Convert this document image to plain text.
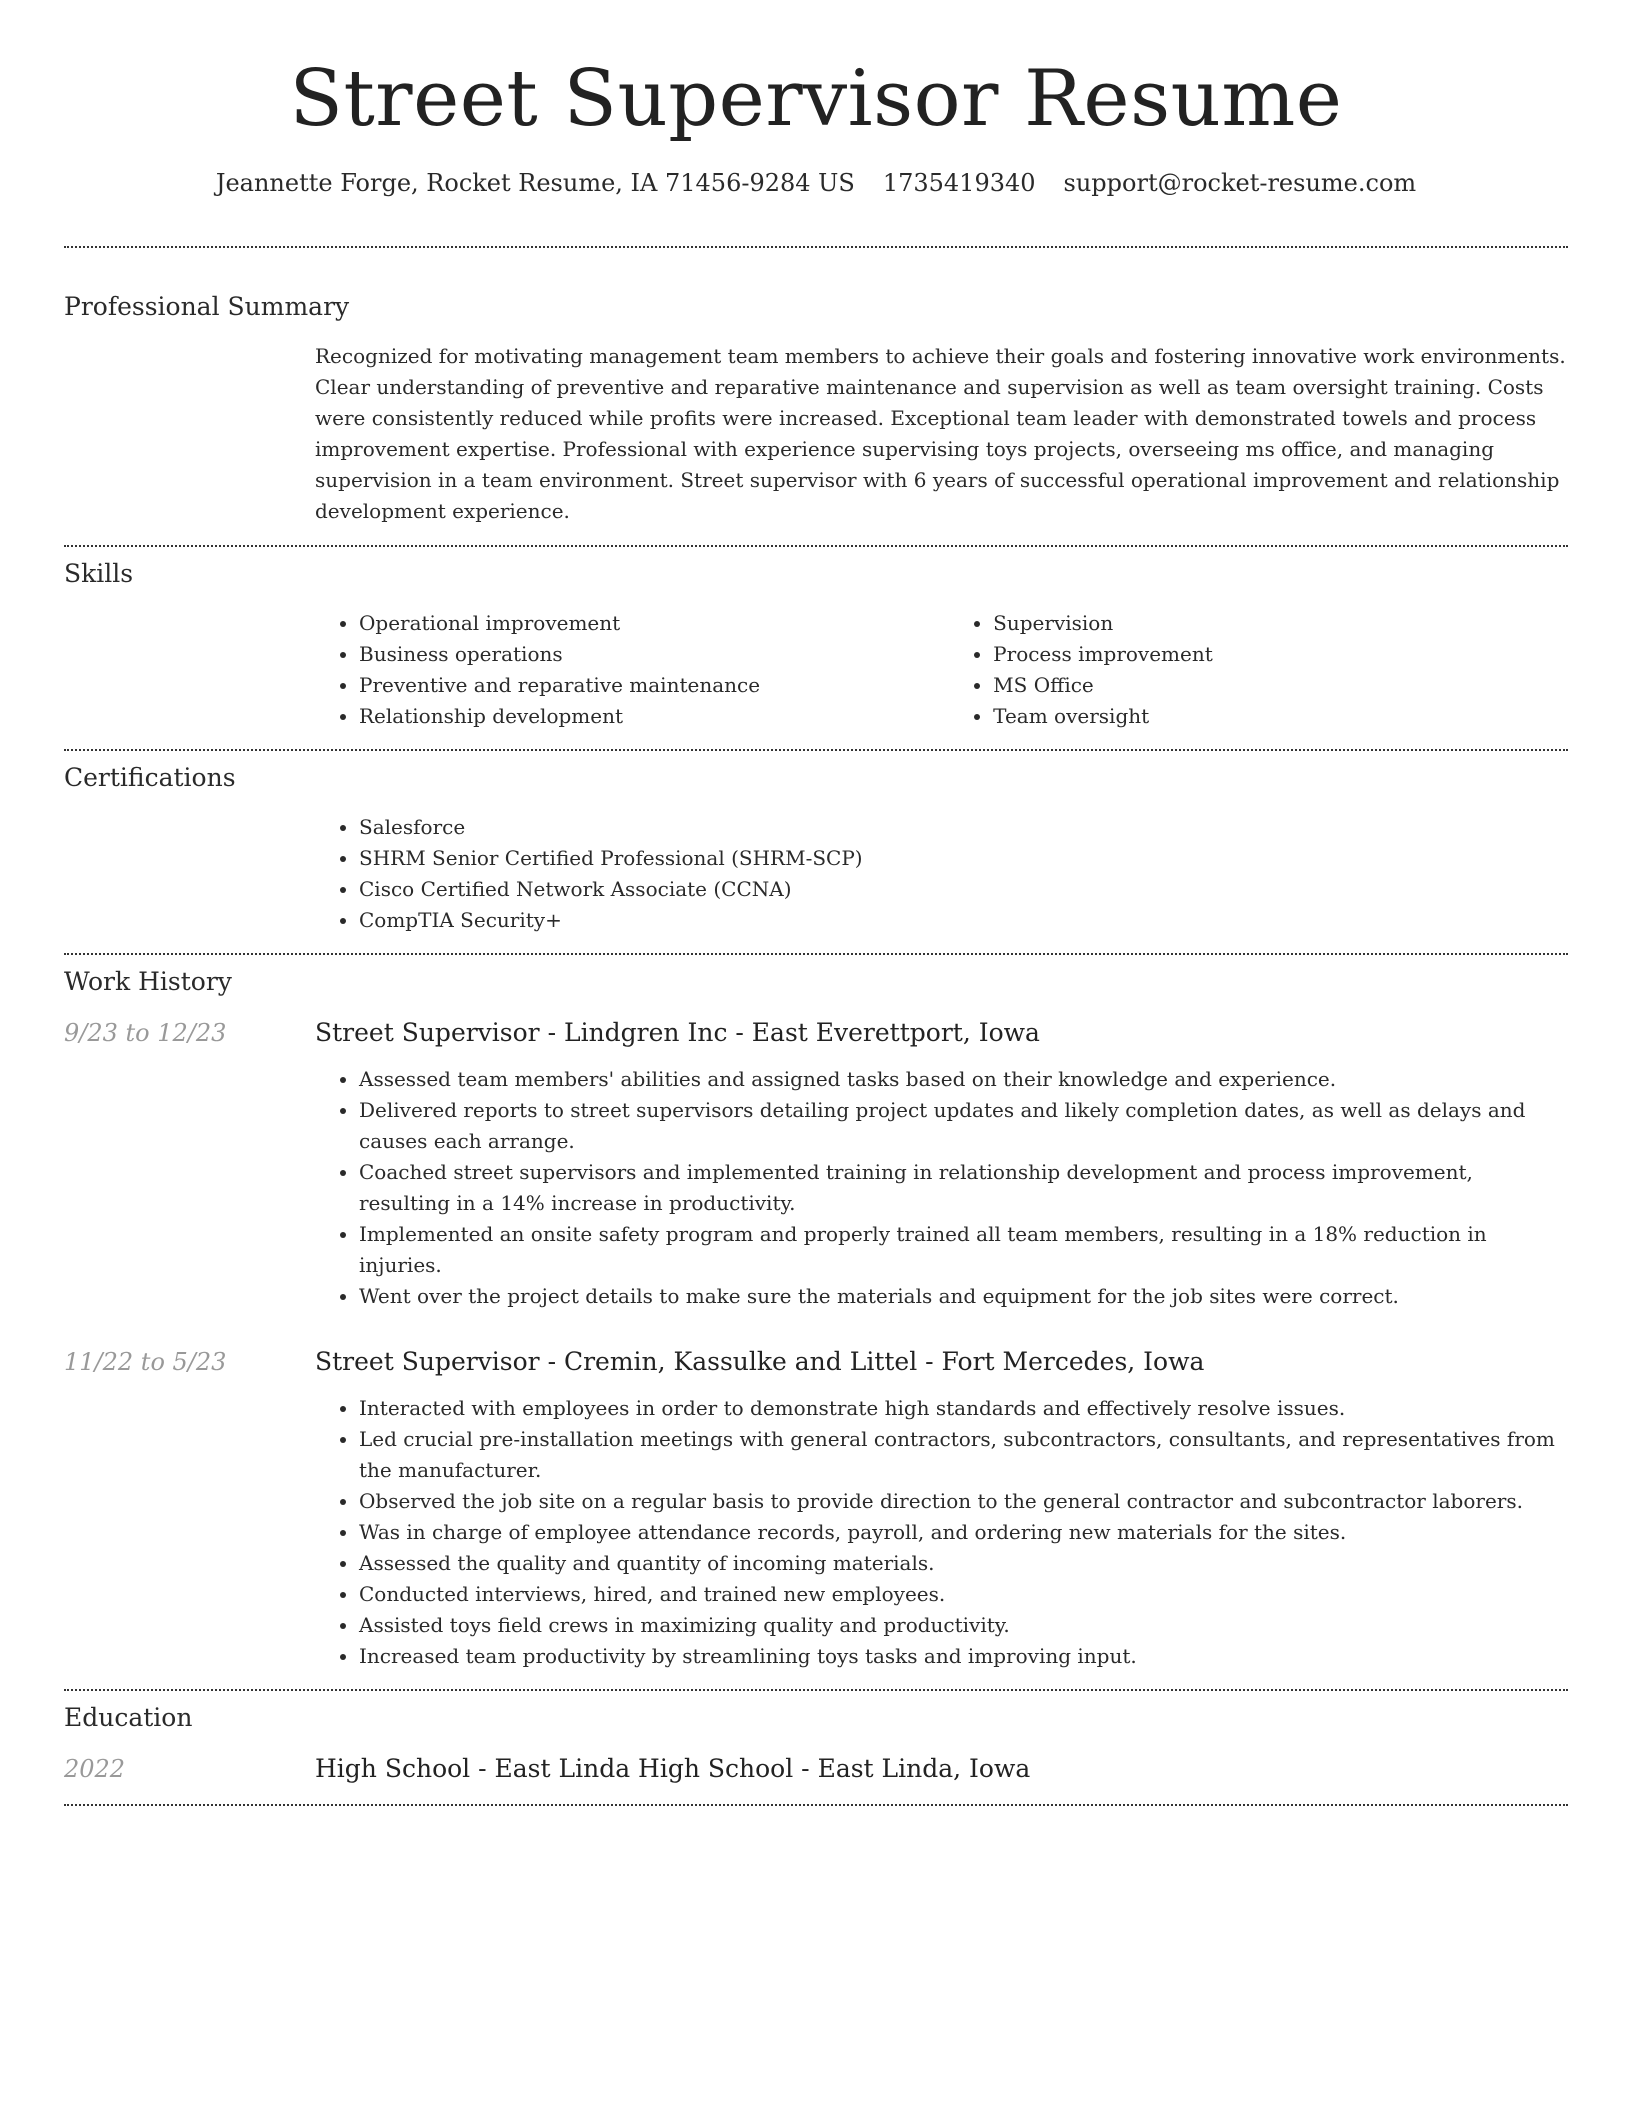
Street Supervisor Resume
Jeannette Forge, Rocket Resume, IA 71456-9284 US 1735419340 support@rocket-resume.com
Professional Summary

Recognized for motivating management team members to achieve their goals and fostering innovative work environments. Clear understanding of preventive and reparative maintenance and supervision as well as team oversight training. Costs were consistently reduced while profits were increased. Exceptional team leader with demonstrated towels and process improvement expertise. Professional with experience supervising toys projects, overseeing ms office, and managing supervision in a team environment. Street supervisor with 6 years of successful operational improvement and relationship development experience.

Skills
• Operational improvement
• Business operations
• Preventive and reparative maintenance
• Relationship development
• Supervision
• Process improvement
• MS Office
• Team oversight
Certifications
• Salesforce
• SHRM Senior Certified Professional (SHRM-SCP)
• Cisco Certified Network Associate (CCNA)
• CompTIA Security+
Work History
9/23 to 12/23	Street Supervisor - Lindgren Inc - East Everettport, Iowa
• Assessed team members' abilities and assigned tasks based on their knowledge and experience.
• Delivered reports to street supervisors detailing project updates and likely completion dates, as well as delays and causes each arrange.
• Coached street supervisors and implemented training in relationship development and process improvement, resulting in a 14% increase in productivity.
• Implemented an onsite safety program and properly trained all team members, resulting in a 18% reduction in injuries.
• Went over the project details to make sure the materials and equipment for the job sites were correct.
11/22 to 5/23	Street Supervisor - Cremin, Kassulke and Littel - Fort Mercedes, Iowa
• Interacted with employees in order to demonstrate high standards and effectively resolve issues.
• Led crucial pre-installation meetings with general contractors, subcontractors, consultants, and representatives from the manufacturer.
• Observed the job site on a regular basis to provide direction to the general contractor and subcontractor laborers.
• Was in charge of employee attendance records, payroll, and ordering new materials for the sites.
• Assessed the quality and quantity of incoming materials.
• Conducted interviews, hired, and trained new employees.
• Assisted toys field crews in maximizing quality and productivity.
• Increased team productivity by streamlining toys tasks and improving input.
Education
2022	High School - East Linda High School - East Linda, Iowa
